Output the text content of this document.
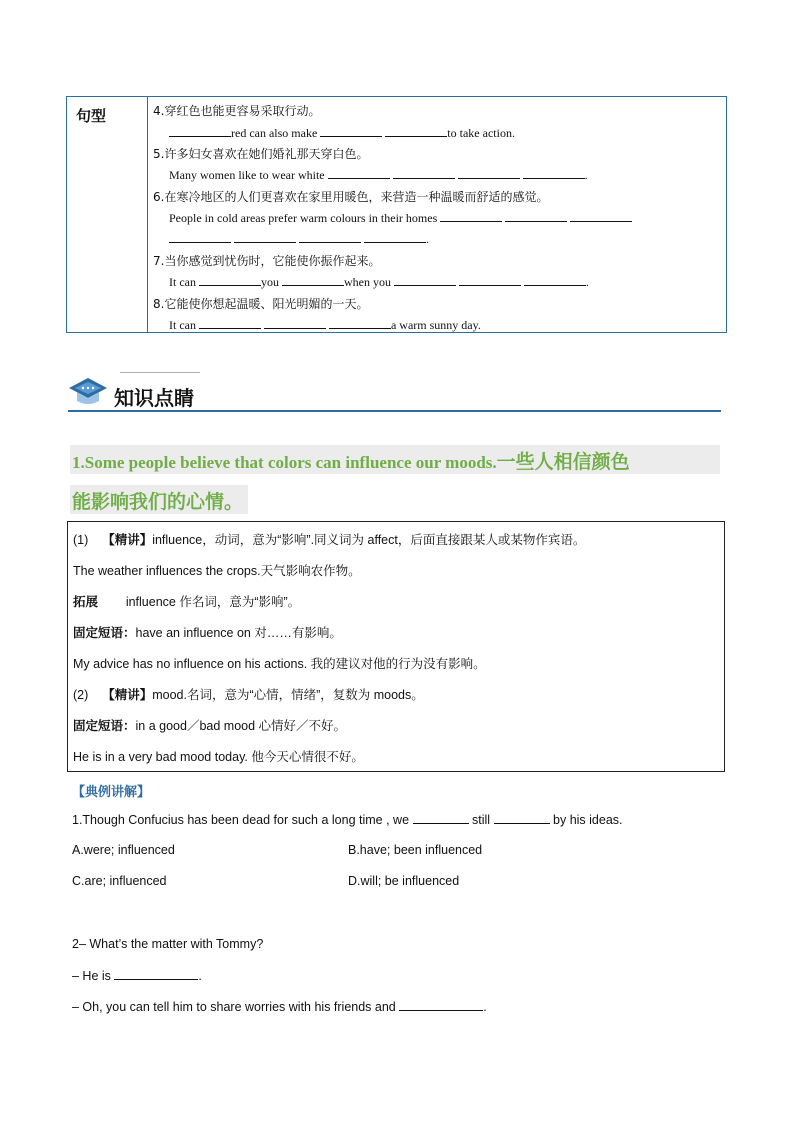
句型	4.穿红色也能更容易采取行动。
red can also make	to take action.
5.许多妇女喜欢在她们婚礼那天穿白色。
Many women like to wear white	.
6.在寒冷地区的人们更喜欢在家里用暖色，来营造一种温暖而舒适的感觉。
People in cold areas prefer warm colours in their homes
.
7.当你感觉到忧伤时，它能使你振作起来。
It can	you	when you	.
8.它能使你想起温暖、阳光明媚的一天。
It can	a warm sunny day.
知识点睛
1.Some people believe that colors can influence our moods.一些人相信颜色
能影响我们的心情。
(1) 【精讲】influence，动词，意为“影响”.同义词为 affect，后面直接跟某人或某物作宾语。
The weather influences the crops.天气影响农作物。
拓展 influence 作名词，意为“影响”。
固定短语：have an influence on 对……有影响。
My advice has no influence on his actions. 我的建议对他的行为没有影响。
(2) 【精讲】mood.名词，意为“心情，情绪”，复数为 moods。
固定短语：in a good／bad mood 心情好／不好。
He is in a very bad mood today. 他今天心情很不好。
【典例讲解】
1.Though Confucius has been dead for such a long time , we	still	by his ideas.
A.were; influenced	B.have; been influenced
C.are; influenced	D.will; be influenced
2– What’s the matter with Tommy?
– He is	.
– Oh, you can tell him to share worries with his friends and	.
